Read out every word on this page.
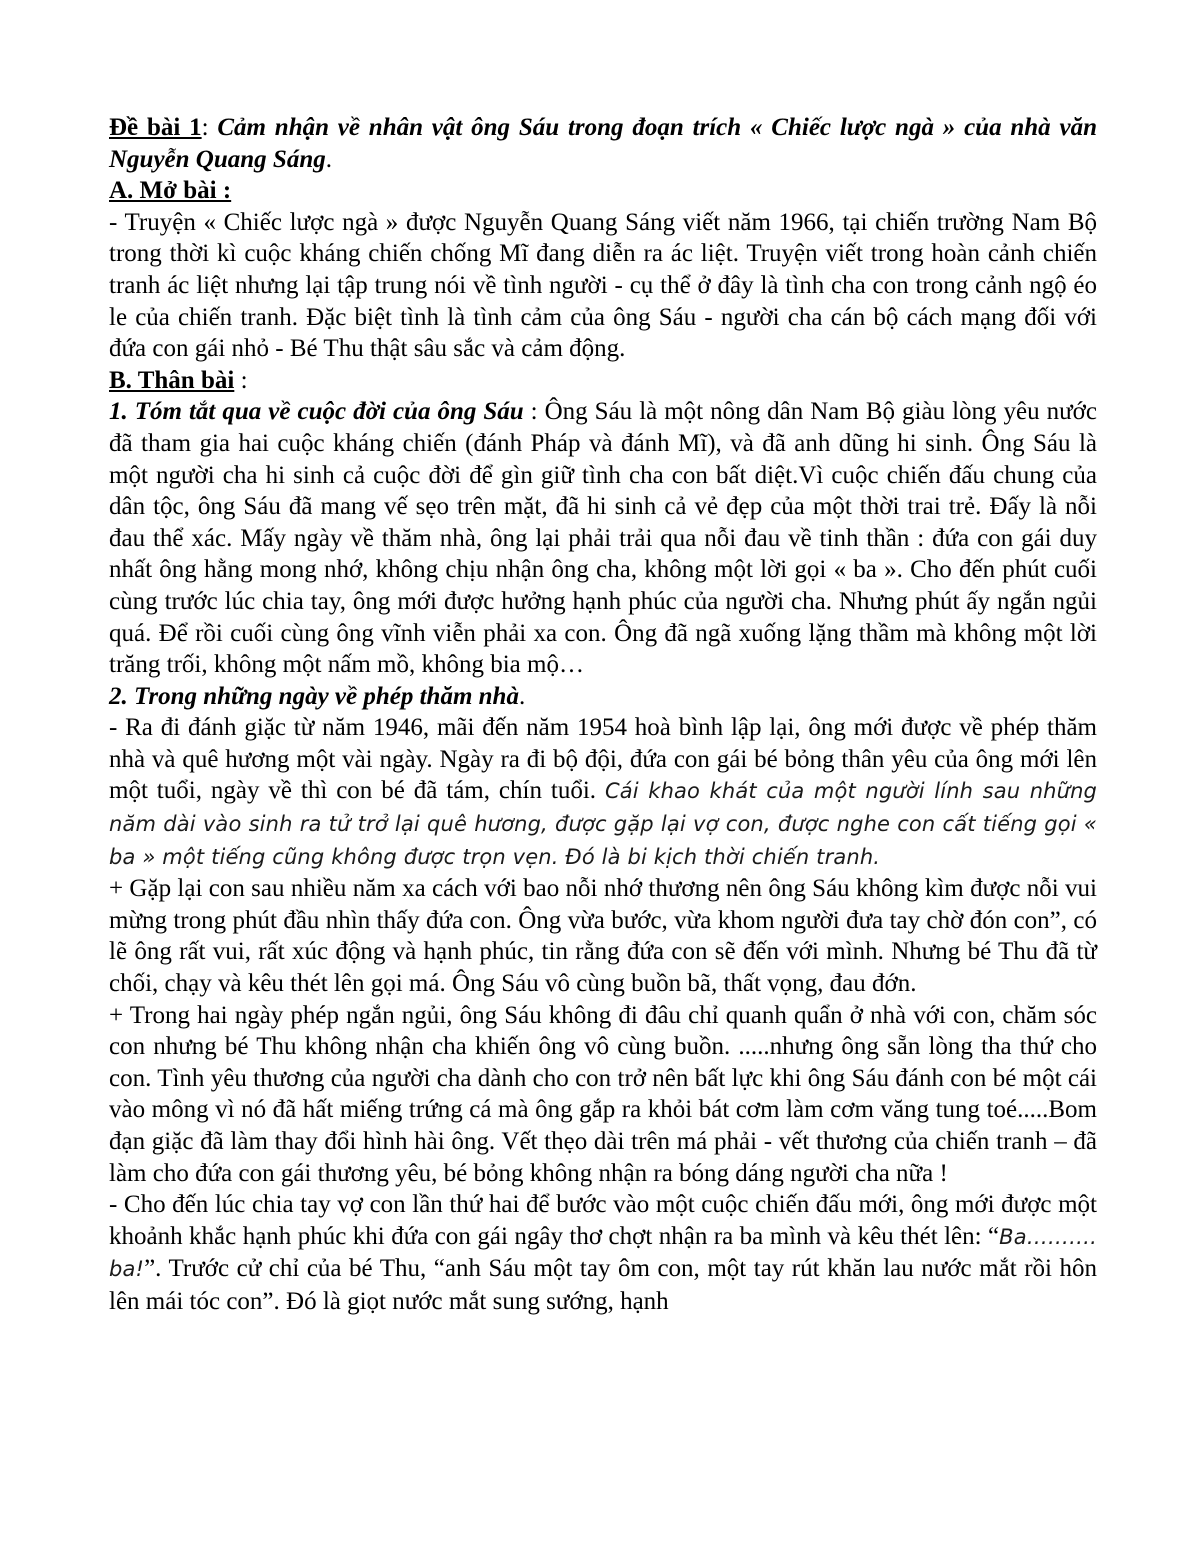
Đề bài 1: Cảm nhận về nhân vật ông Sáu trong đoạn trích « Chiếc lược ngà » của nhà văn Nguyễn Quang Sáng.

A. Mở bài :

- Truyện « Chiếc lược ngà » được Nguyễn Quang Sáng viết năm 1966, tại chiến trường Nam Bộ trong thời kì cuộc kháng chiến chống Mĩ đang diễn ra ác liệt. Truyện viết trong hoàn cảnh chiến tranh ác liệt nhưng lại tập trung nói về tình người - cụ thể ở đây là tình cha con trong cảnh ngộ éo le của chiến tranh. Đặc biệt tình là tình cảm của ông Sáu - người cha cán bộ cách mạng đối với đứa con gái nhỏ - Bé Thu thật sâu sắc và cảm động.

B. Thân bài :

1. Tóm tắt qua về cuộc đời của ông Sáu : Ông Sáu là một nông dân Nam Bộ giàu lòng yêu nước đã tham gia hai cuộc kháng chiến (đánh Pháp và đánh Mĩ), và đã anh dũng hi sinh. Ông Sáu là một người cha hi sinh cả cuộc đời để gìn giữ tình cha con bất diệt.Vì cuộc chiến đấu chung của dân tộc, ông Sáu đã mang vế sẹo trên mặt, đã hi sinh cả vẻ đẹp của một thời trai trẻ. Đấy là nỗi đau thể xác. Mấy ngày về thăm nhà, ông lại phải trải qua nỗi đau về tinh thần : đứa con gái duy nhất ông hằng mong nhớ, không chịu nhận ông cha, không một lời gọi « ba ». Cho đến phút cuối cùng trước lúc chia tay, ông mới được hưởng hạnh phúc của người cha. Nhưng phút ấy ngắn ngủi quá. Để rồi cuối cùng ông vĩnh viễn phải xa con. Ông đã ngã xuống lặng thầm mà không một lời trăng trối, không một nấm mồ, không bia mộ…

2. Trong những ngày về phép thăm nhà.

- Ra đi đánh giặc từ năm 1946, mãi đến năm 1954 hoà bình lập lại, ông mới được về phép thăm nhà và quê hương một vài ngày. Ngày ra đi bộ đội, đứa con gái bé bỏng thân yêu của ông mới lên một tuổi, ngày về thì con bé đã tám, chín tuổi. Cái khao khát của một người lính sau những năm dài vào sinh ra tử trở lại quê hương, được gặp lại vợ con, được nghe con cất tiếng gọi « ba » một tiếng cũng không được trọn vẹn. Đó là bi kịch thời chiến tranh.

+ Gặp lại con sau nhiều năm xa cách với bao nỗi nhớ thương nên ông Sáu không kìm được nỗi vui mừng trong phút đầu nhìn thấy đứa con. Ông vừa bước, vừa khom người đưa tay chờ đón con”, có lẽ ông rất vui, rất xúc động và hạnh phúc, tin rằng đứa con sẽ đến với mình. Nhưng bé Thu đã từ chối, chạy và kêu thét lên gọi má. Ông Sáu vô cùng buồn bã, thất vọng, đau đớn.

+ Trong hai ngày phép ngắn ngủi, ông Sáu không đi đâu chỉ quanh quẩn ở nhà với con, chăm sóc con nhưng bé Thu không nhận cha khiến ông vô cùng buồn. .....nhưng ông sẵn lòng tha thứ cho con. Tình yêu thương của người cha dành cho con trở nên bất lực khi ông Sáu đánh con bé một cái vào mông vì nó đã hất miếng trứng cá mà ông gắp ra khỏi bát cơm làm cơm văng tung toé.....Bom đạn giặc đã làm thay đổi hình hài ông. Vết thẹo dài trên má phải - vết thương của chiến tranh – đã làm cho đứa con gái thương yêu, bé bỏng không nhận ra bóng dáng người cha nữa !

- Cho đến lúc chia tay vợ con lần thứ hai để bước vào một cuộc chiến đấu mới, ông mới được một khoảnh khắc hạnh phúc khi đứa con gái ngây thơ chợt nhận ra ba mình và kêu thét lên: “Ba………. ba!”. Trước cử chỉ của bé Thu, “anh Sáu một tay ôm con, một tay rút khăn lau nước mắt rồi hôn lên mái tóc con”. Đó là giọt nước mắt sung sướng, hạnh
